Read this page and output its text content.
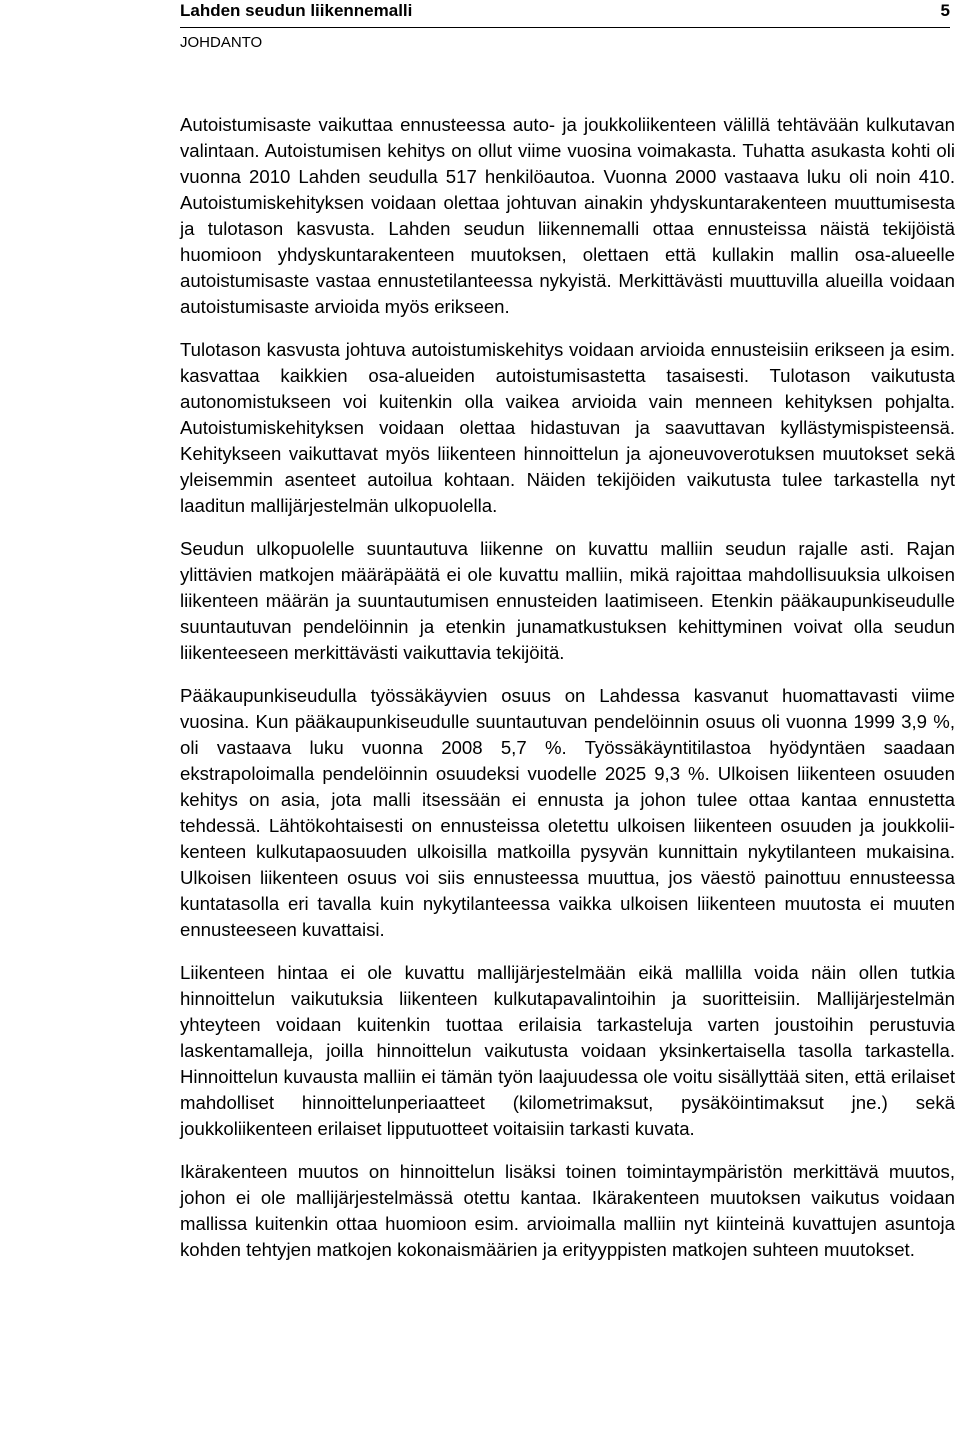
Lahden seudun liikennemalli	5
JOHDANTO

Autoistumisaste vaikuttaa ennusteessa auto- ja joukkoliikenteen välillä tehtävään kulkutavan valintaan. Autoistumisen kehitys on ollut viime vuosina voimakasta. Tuhatta asukasta kohti oli vuonna 2010 Lahden seudulla 517 henkilöautoa. Vuonna 2000 vastaava luku oli noin 410. Autoistumiskehityksen voidaan olettaa johtuvan ainakin yhdyskuntarakenteen muuttumisesta ja tulotason kasvusta. Lahden seudun liikennemalli ottaa ennusteissa näistä tekijöistä huomioon yhdyskuntarakenteen muutoksen, olettaen että kullakin mallin osa-alueelle autoistumisaste vastaa ennustetilanteessa nykyistä. Merkittävästi muuttuvilla alueilla voidaan autoistumisaste arvioida myös erikseen.

Tulotason kasvusta johtuva autoistumiskehitys voidaan arvioida ennusteisiin erikseen ja esim. kasvattaa kaikkien osa-alueiden autoistumisastetta tasaisesti. Tulotason vaikutusta autonomistukseen voi kuitenkin olla vaikea arvioida vain menneen kehityksen pohjalta. Autoistumiskehityksen voidaan olettaa hidastuvan ja saavuttavan kyllästymispisteensä. Kehitykseen vaikuttavat myös liikenteen hinnoittelun ja ajoneuvoverotuksen muutokset sekä yleisemmin asenteet autoilua kohtaan. Näiden tekijöiden vaikutusta tulee tarkastella nyt laaditun mallijärjestelmän ulkopuolella.

Seudun ulkopuolelle suuntautuva liikenne on kuvattu malliin seudun rajalle asti. Rajan ylittävien matkojen määräpäätä ei ole kuvattu malliin, mikä rajoittaa mahdollisuuksia ulkoisen liikenteen määrän ja suuntautumisen ennusteiden laatimiseen. Etenkin pääkaupunkiseudulle suuntautuvan pendelöinnin ja etenkin junamatkustuksen kehittyminen voivat olla seudun liikenteeseen merkittävästi vaikuttavia tekijöitä.

Pääkaupunkiseudulla työssäkäyvien osuus on Lahdessa kasvanut huomattavasti viime vuosina. Kun pääkaupunkiseudulle suuntautuvan pendelöinnin osuus oli vuonna 1999 3,9 %, oli vastaava luku vuonna 2008 5,7 %. Työssäkäyntitilastoa hyödyntäen saadaan ekstrapoloimalla pendelöinnin osuudeksi vuodelle 2025 9,3 %. Ulkoisen liikenteen osuuden kehitys on asia, jota malli itsessään ei ennusta ja johon tulee ottaa kantaa ennustetta tehdessä. Lähtökohtaisesti on ennusteissa oletettu ulkoisen liikenteen osuuden ja joukkoliikenteen kulkutapaosuuden ulkoisilla matkoilla pysyvän kunnittain nykytilanteen mukaisina. Ulkoisen liikenteen osuus voi siis ennusteessa muuttua, jos väestö painottuu ennusteessa kuntatasolla eri tavalla kuin nykytilanteessa vaikka ulkoisen liikenteen muutosta ei muuten ennusteeseen kuvattaisi.

Liikenteen hintaa ei ole kuvattu mallijärjestelmään eikä mallilla voida näin ollen tutkia hinnoittelun vaikutuksia liikenteen kulkutapavalintoihin ja suoritteisiin. Mallijärjestelmän yhteyteen voidaan kuitenkin tuottaa erilaisia tarkasteluja varten joustoihin perustuvia laskentamalleja, joilla hinnoittelun vaikutusta voidaan yksinkertaisella tasolla tarkastella. Hinnoittelun kuvausta malliin ei tämän työn laajuudessa ole voitu sisällyttää siten, että erilaiset mahdolliset hinnoittelunperiaatteet (kilometrimaksut, pysäköintimaksut jne.) sekä joukkoliikenteen erilaiset lipputuotteet voitaisiin tarkasti kuvata.

Ikärakenteen muutos on hinnoittelun lisäksi toinen toimintaympäristön merkittävä muutos, johon ei ole mallijärjestelmässä otettu kantaa. Ikärakenteen muutoksen vaikutus voidaan mallissa kuitenkin ottaa huomioon esim. arvioimalla malliin nyt kiinteinä kuvattujen asuntoja kohden tehtyjen matkojen kokonaismäärien ja erityyppisten matkojen suhteen muutokset.
